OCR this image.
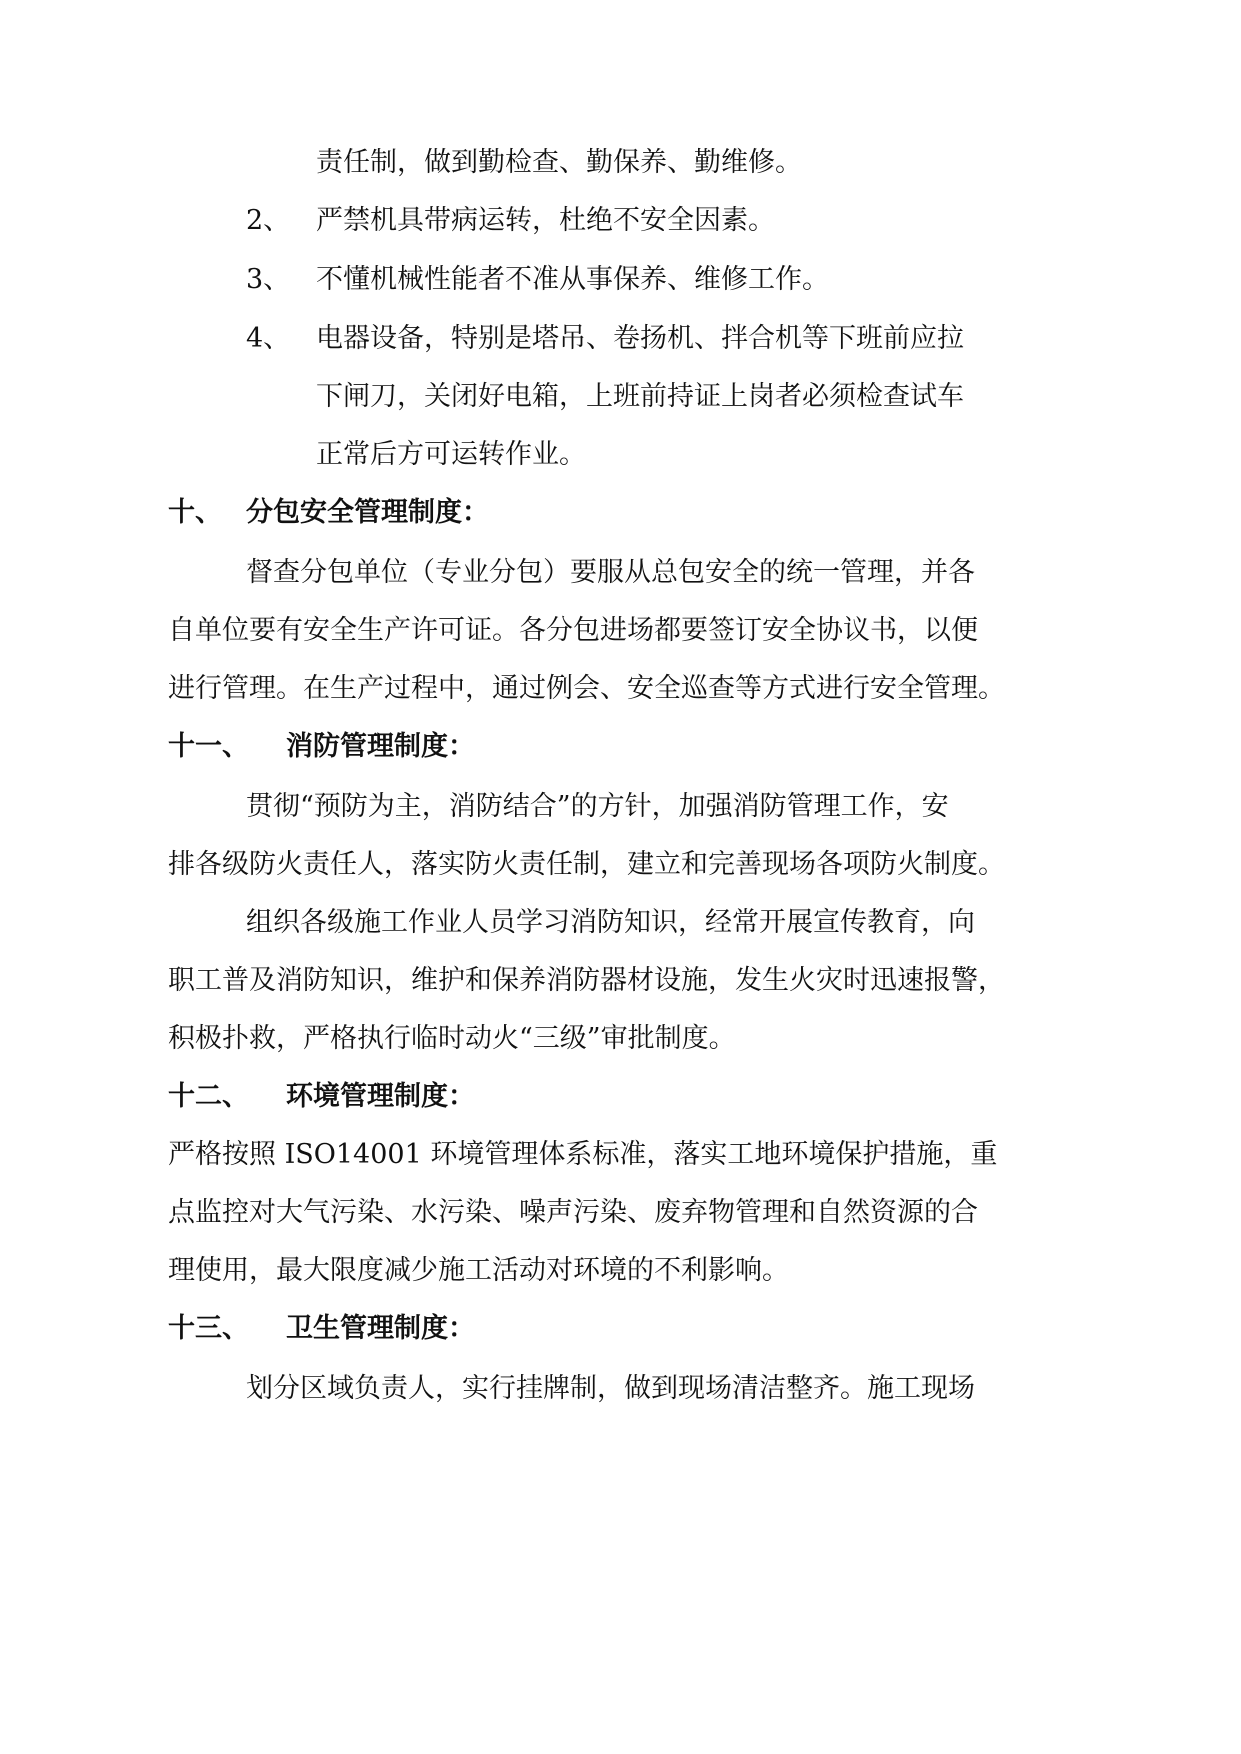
责任制，做到勤检查、勤保养、勤维修。
2、 严禁机具带病运转，杜绝不安全因素。
3、 不懂机械性能者不准从事保养、维修工作。
4、 电器设备，特别是塔吊、卷扬机、拌合机等下班前应拉
下闸刀，关闭好电箱，上班前持证上岗者必须检查试车
正常后方可运转作业。
十、 分包安全管理制度：
督查分包单位（专业分包）要服从总包安全的统一管理，并各
自单位要有安全生产许可证。各分包进场都要签订安全协议书，以便
进行管理。在生产过程中，通过例会、安全巡查等方式进行安全管理。
十一、 消防管理制度：
贯彻“预防为主，消防结合”的方针，加强消防管理工作，安
排各级防火责任人，落实防火责任制，建立和完善现场各项防火制度。
组织各级施工作业人员学习消防知识，经常开展宣传教育，向
职工普及消防知识，维护和保养消防器材设施，发生火灾时迅速报警，
积极扑救，严格执行临时动火“三级”审批制度。
十二、 环境管理制度：
严格按照 ISO14001 环境管理体系标准，落实工地环境保护措施，重
点监控对大气污染、水污染、噪声污染、废弃物管理和自然资源的合
理使用，最大限度减少施工活动对环境的不利影响。
十三、 卫生管理制度：
划分区域负责人，实行挂牌制，做到现场清洁整齐。施工现场
